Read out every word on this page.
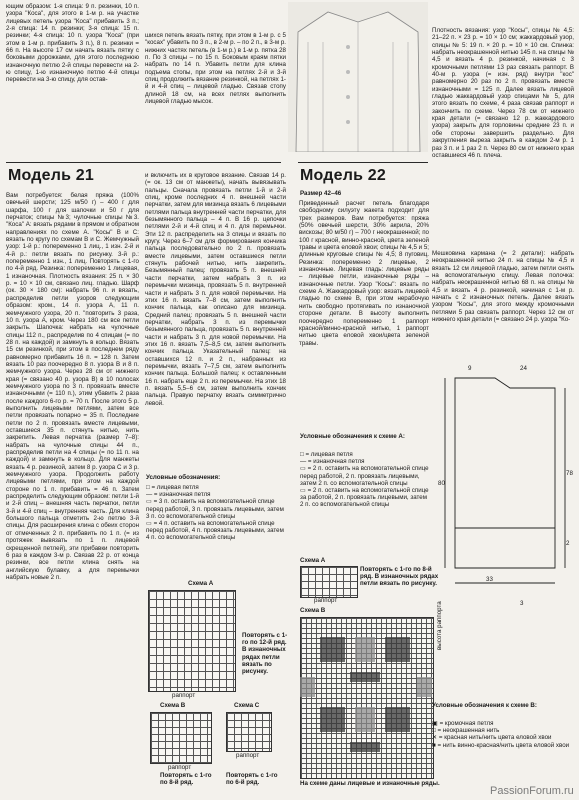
ющим образом: 1-я спица: 9 п. резинки, 10 п. узора "Коса", для этого в 1-м р. на участке лицевых петель узора "Коса" прибавить 3 п.; 2-я спица: 14 п. резинки; 3-я спица: 15 п. резинки; 4-я спица: 10 п. узора "Коса" (при этом в 1-м р. прибавить 3 п.), 8 п. резинки = 66 п. На высоте 17 см начать вязать пятку с боковыми дорожками, для этого последнюю изнаночную петлю 2-й спицы перевести на 2-ю спицу, 1-ю изнаночную петлю 4-й спицы перевести на 3-ю спицу, для остав-
шихся петель вязать пятку, при этом в 1-м р. с 5 "косах" убавить по 3 п., в 2-м р. – по 2 п., в 3-м р. нижних частях петель (в 1-м р.) в 1-м р. пятка 28 п. По 3 спицы – по 15 п. Боковым краям пятки набрать по 14 п. Убавить петли для клина подъема стопы, при этом на петлях 2-й и 3-й спиц продолжить вязание резинкой, на петлях 1-й и 4-й спиц – лицевой гладью. Связав стопу длиной 18 см, на всех петлях выполнить лицевой гладью мысок.
Плотность вязания: узор "Косы", спицы № 4,5: 21–22 п. × 23 р. = 10 × 10 см; жаккардовый узор, спицы № 5: 19 п. × 20 р. = 10 × 10 см. Спинка: набрать неокрашенной нитью 145 п. на спицы № 4,5 и вязать 4 р. резинкой, начиная с 3 кромочными петлями 13 раз связать раппорт. В 40-м р. узора (= изн. ряд) внутри "кос" равномерно 20 раз по 2 п. провязать вместе изнаночными = 125 п. Далее вязать лицевой гладью жаккардовый узор спицами № 5, для этого вязать по схеме, 4 раза связав раппорт и закончить по схеме. Через 78 см от нижнего края детали (= связано 12 р. жаккардового узора) закрыть для горловины средние 23 п. и обе стороны завершить раздельно. Для закругления выреза закрыть в каждом 2-м р. 1 раз 3 п. и 1 раз 2 п. Через 80 см от нижнего края оставшиеся 46 п. плеча.
Модель 21	Модель 22
Размер 42–46
Вам потребуется: белая пряжа (100% овечьей шерсти; 125 м/50 г) – 400 г для шарфа, 100 г для шапочки и 50 г для перчаток; спицы №3; чулочные спицы №3. "Коса" А: вязать рядами в прямом и обратном направлениях по схеме А. "Косы" В и С: вязать по кругу по схемам В и С. Жемчужный узор: 1-й р.: попеременно 1 лиц., 1 изн. 2-й и 4-й р.: петли вязать по рисунку. 3-й р.: попеременно 1 изн., 1 лиц. Повторять с 1-го по 4-й ряд. Резинка: попеременно 1 лицевая, 1 изнаночная. Плотность вязания: 25 п. × 30 р. = 10 × 10 см, связано лиц. гладью. Шарф (ок. 30 × 180 см): набрать 96 п. и вязать, распределив петли узоров следующим образом: кром., 14 п. узора А, 11 п. жемчужного узора, 20 п. "повторить 3 раза, 10 п. узора А, кром. Через 180 см все петли закрыть. Шапочка: набрать на чулочные спицы 112 п., распределив по 4 спицам (= по 28 п. на каждой) и замкнуть в кольцо. Вязать 15 см резинкой, при этом в последнем ряду равномерно прибавить 16 п. = 128 п. Затем вязать 10 раз поочередно 8 п. узора В и 8 п. жемчужного узора. Через 28 см от нижнего края (= связано 40 р. узора В) в 10 полосах жемчужного узора по 3 п. провязать вместе изнаночными (= 110 п.), этим убавить 2 раза после каждого 6-го р. = 70 п. После этого 5 р. выполнить лицевыми петлями, затем все петли провязать попарно = 35 п. Последние петли по 2 п. провязать вместе лицевыми, оставшиеся 35 п. стянуть нитью, нить закрепить. Левая перчатка (размер 7–8): набрать на чулочные спицы 44 п., распределив петли на 4 спицы (= по 11 п. на каждой) и замкнуть в кольцо. Для манжеты вязать 4 р. резинкой, затем 8 р. узора С и 3 р. жемчужного узора. Продолжить работу лицевыми петлями, при этом на каждой стороне по 1 п. прибавить = 46 п. Затем распределить следующим образом: петли 1-й и 2-й спиц – внешняя часть перчатки, петли 3-й и 4-й спиц – внутренняя часть. Для клина большого пальца отметить 2-ю петлю 3-й спицы. Для расширения клина с обеих сторон от отмеченных 2 п. прибавить по 1 п. (= из протяжек вывязать по 1 п. лицевой скрещенной петлей), эти прибавки повторить 6 раз в каждом 3-м р. Связав 22 р. от конца резинки, все петли клина снять на английскую булавку, а для перемычки набрать новые 2 п.
и включить их в круговое вязание. Связав 14 р. (= ок. 13 см от манжеты), начать вывязывать пальцы. Сначала провязать петли 1-й и 2-й спиц, кроме последних 4 п. внешней части перчатки, затем для мизинца вязать 6 лицевыми петлями пальца внутренней части перчатки, для безымянного пальца – 4 п. В 16 р. цепочки петлями 2-й и 4-й спиц и 4 п. для перемычки. Эти 12 п. распределить на 3 спицы и вязать по кругу. Через 6–7 см для формирования кончика пальца последовательно по 2 п. провязать вместе лицевыми, затем оставшиеся петли стянуть рабочей нитью, нить закрепить. Безымянный палец: провязать 5 п. внешней части перчатки, затем набрать 3 п. из перемычки мизинца, провязать 5 п. внутренней части и набрать 3 п. для новой перемычки. На этих 16 п. вязать 7–8 см, затем выполнить кончик пальца, как описано для мизинца. Средний палец: провязать 5 п. внешней части перчатки, набрать 3 п. из перемычки безымянного пальца, провязать 5 п. внутренней части и набрать 3 п. для новой перемычки. На этих 16 п. вязать 7,5–8,5 см, затем выполнить кончик пальца. Указательный палец: на оставшихся 12 п. и 2 п., набранных из перемычки, вязать 7–7,5 см, затем выполнить кончик пальца. Большой палец: к оставленным 16 п. набрать еще 2 п. из перемычки. На этих 18 п. вязать 5,5–6 см, затем выполнить кончик пальца. Правую перчатку вязать симметрично левой.
Условные обозначения:
□ = лицевая петля
— = изнаночная петля
▭ = 3 п. оставить на вспомогательной спице перед работой, 3 п. провязать лицевыми, затем 3 п. со вспомогательной спицы
▭ = 4 п. оставить на вспомогательной спице перед работой, 4 п. провязать лицевыми, затем 4 п. со вспомогательной спицы
Схема А
Повторять с 1-го по 12-й ряд. В изнаночных рядах петли вязать по рисунку.
раппорт
Схема В
раппорт
Повторять с 1-го по 8-й ряд.
Схема С
раппорт
Повторять с 1-го по 6-й ряд.
Приведенный расчет петель благодаря свободному силуэту жакета подходит для трех размеров. Вам потребуется: пряжа (50% овечьей шерсти, 30% акрила, 20% вискозы; 80 м/50 г) – 700 г неокрашенной; по 100 г красной, винно-красной, цвета зеленой травы и цвета еловой хвои; спицы № 4,5 и 5; длинные круговые спицы № 4,5; 8 пуговиц. Резинка: попеременно 2 лицевые, 2 изнаночные. Лицевая гладь: лицевые ряды – лицевые петли, изнаночные ряды – изнаночные петли. Узор "Косы": вязать по схеме А. Жаккардовый узор: вязать лицевой гладью по схеме В, при этом нерабочую нить свободно протягивать по изнаночной стороне детали. В высоту выполнить поочередно попеременно 1 раппорт красной/винно-красной нитью, 1 раппорт нитью цвета еловой хвои/цвета зеленой травы.
Условные обозначения к схеме А:
□ = лицевая петля
— = изнаночная петля
▭ = 2 п. оставить на вспомогательной спице перед работой, 2 п. провязать лицевыми, затем 2 п. со вспомогательной спицы
▭ = 2 п. оставить на вспомогательной спице за работой, 2 п. провязать лицевыми, затем 2 п. со вспомогательной спицы
Схема А
Повторять с 1-го по 8-й ряд. В изнаночных рядах петли вязать по рисунку.
раппорт
Схема В	высота раппорта
На схеме даны лицевые и изнаночные ряды.
Мешковина кармана (= 2 детали): набрать неокрашенной нитью 24 п. на спицы № 4,5 и вязать 12 см лицевой гладью, затем петли снять на вспомогательную спицу. Левая полочка: набрать неокрашенной нитью 68 п. на спицы № 4,5 и вязать 4 р. резинкой, начиная с 1-м р. начать с 2 изнаночных петель. Далее вязать узором "Косы", для этого между кромочными петлями 5 раз связать раппорт. Через 12 см от нижнего края детали (= связано 24 р. узора "Ко-
9	24
80
78
2
33
3
Условные обозначения к схеме В:
▣ = кромочная петля
□ = неокрашенная нить
✕ = красная нить/нить цвета еловой хвои
■ = нить винно-красная/нить цвета еловой хвои
PassionForum.ru
